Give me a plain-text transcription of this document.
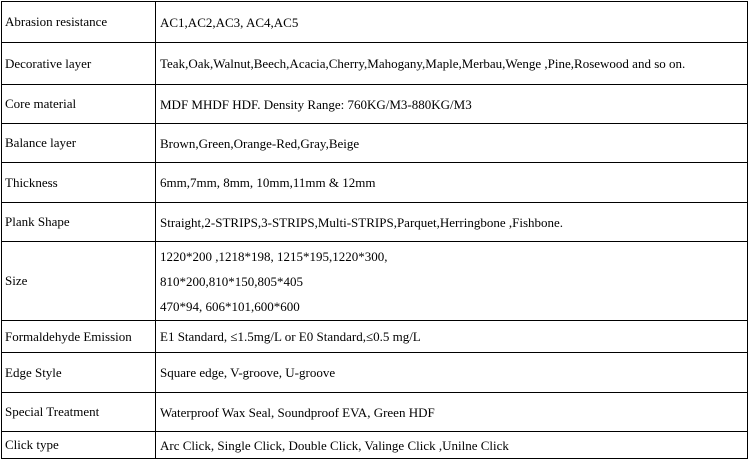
Abrasion resistance	AC1,AC2,AC3, AC4,AC5

Decorative layer	Teak,Oak,Walnut,Beech,Acacia,Cherry,Mahogany,Maple,Merbau,Wenge ,Pine,Rosewood and so on.

Core material	MDF MHDF HDF. Density Range: 760KG/M3-880KG/M3

Balance layer	Brown,Green,Orange-Red,Gray,Beige

Thickness	6mm,7mm, 8mm, 10mm,11mm & 12mm

Plank Shape	Straight,2-STRIPS,3-STRIPS,Multi-STRIPS,Parquet,Herringbone ,Fishbone.

Size	1220*200 ,1218*198, 1215*195,1220*300,
810*200,810*150,805*405
470*94, 606*101,600*600

Formaldehyde Emission	E1 Standard, ≤1.5mg/L or E0 Standard,≤0.5 mg/L

Edge Style	Square edge, V-groove, U-groove

Special Treatment	Waterproof Wax Seal, Soundproof EVA, Green HDF

Click type	Arc Click, Single Click, Double Click, Valinge Click ,Unilne Click
